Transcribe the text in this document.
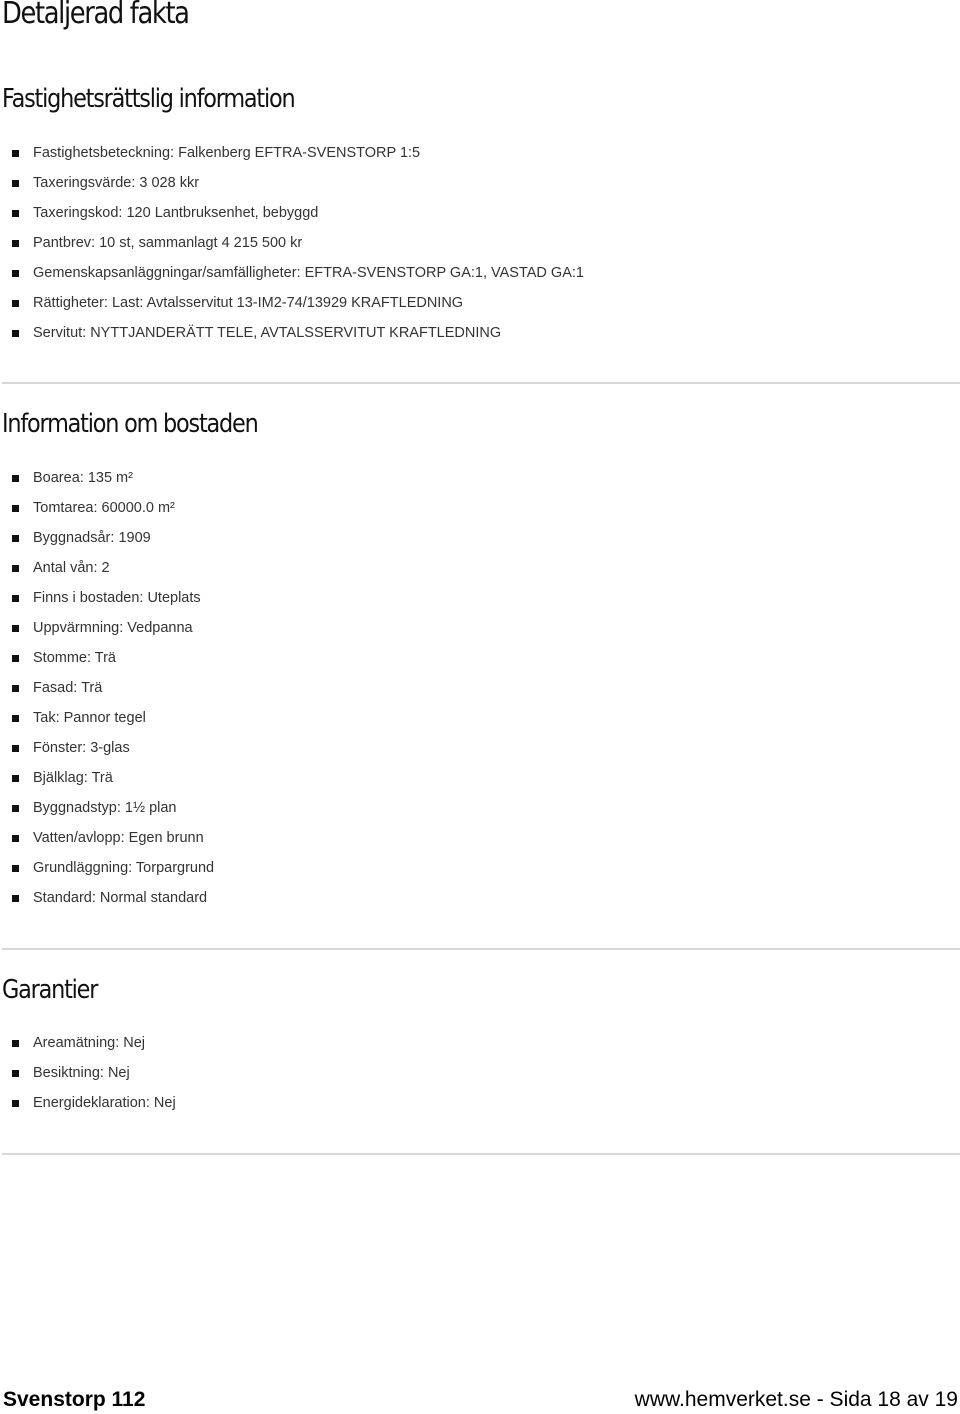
Detaljerad fakta
Fastighetsrättslig information
Fastighetsbeteckning: Falkenberg EFTRA-SVENSTORP 1:5
Taxeringsvärde: 3 028 kkr
Taxeringskod: 120 Lantbruksenhet, bebyggd
Pantbrev: 10 st, sammanlagt 4 215 500 kr
Gemenskapsanläggningar/samfälligheter: EFTRA-SVENSTORP GA:1, VASTAD GA:1
Rättigheter: Last: Avtalsservitut 13-IM2-74/13929 KRAFTLEDNING
Servitut: NYTTJANDERÄTT TELE, AVTALSSERVITUT KRAFTLEDNING
Information om bostaden
Boarea: 135 m²
Tomtarea: 60000.0 m²
Byggnadsår: 1909
Antal vån: 2
Finns i bostaden: Uteplats
Uppvärmning: Vedpanna
Stomme: Trä
Fasad: Trä
Tak: Pannor tegel
Fönster: 3-glas
Bjälklag: Trä
Byggnadstyp: 1½ plan
Vatten/avlopp: Egen brunn
Grundläggning: Torpargrund
Standard: Normal standard
Garantier
Areamätning: Nej
Besiktning: Nej
Energideklaration: Nej
Svenstorp 112	www.hemverket.se - Sida 18 av 19
